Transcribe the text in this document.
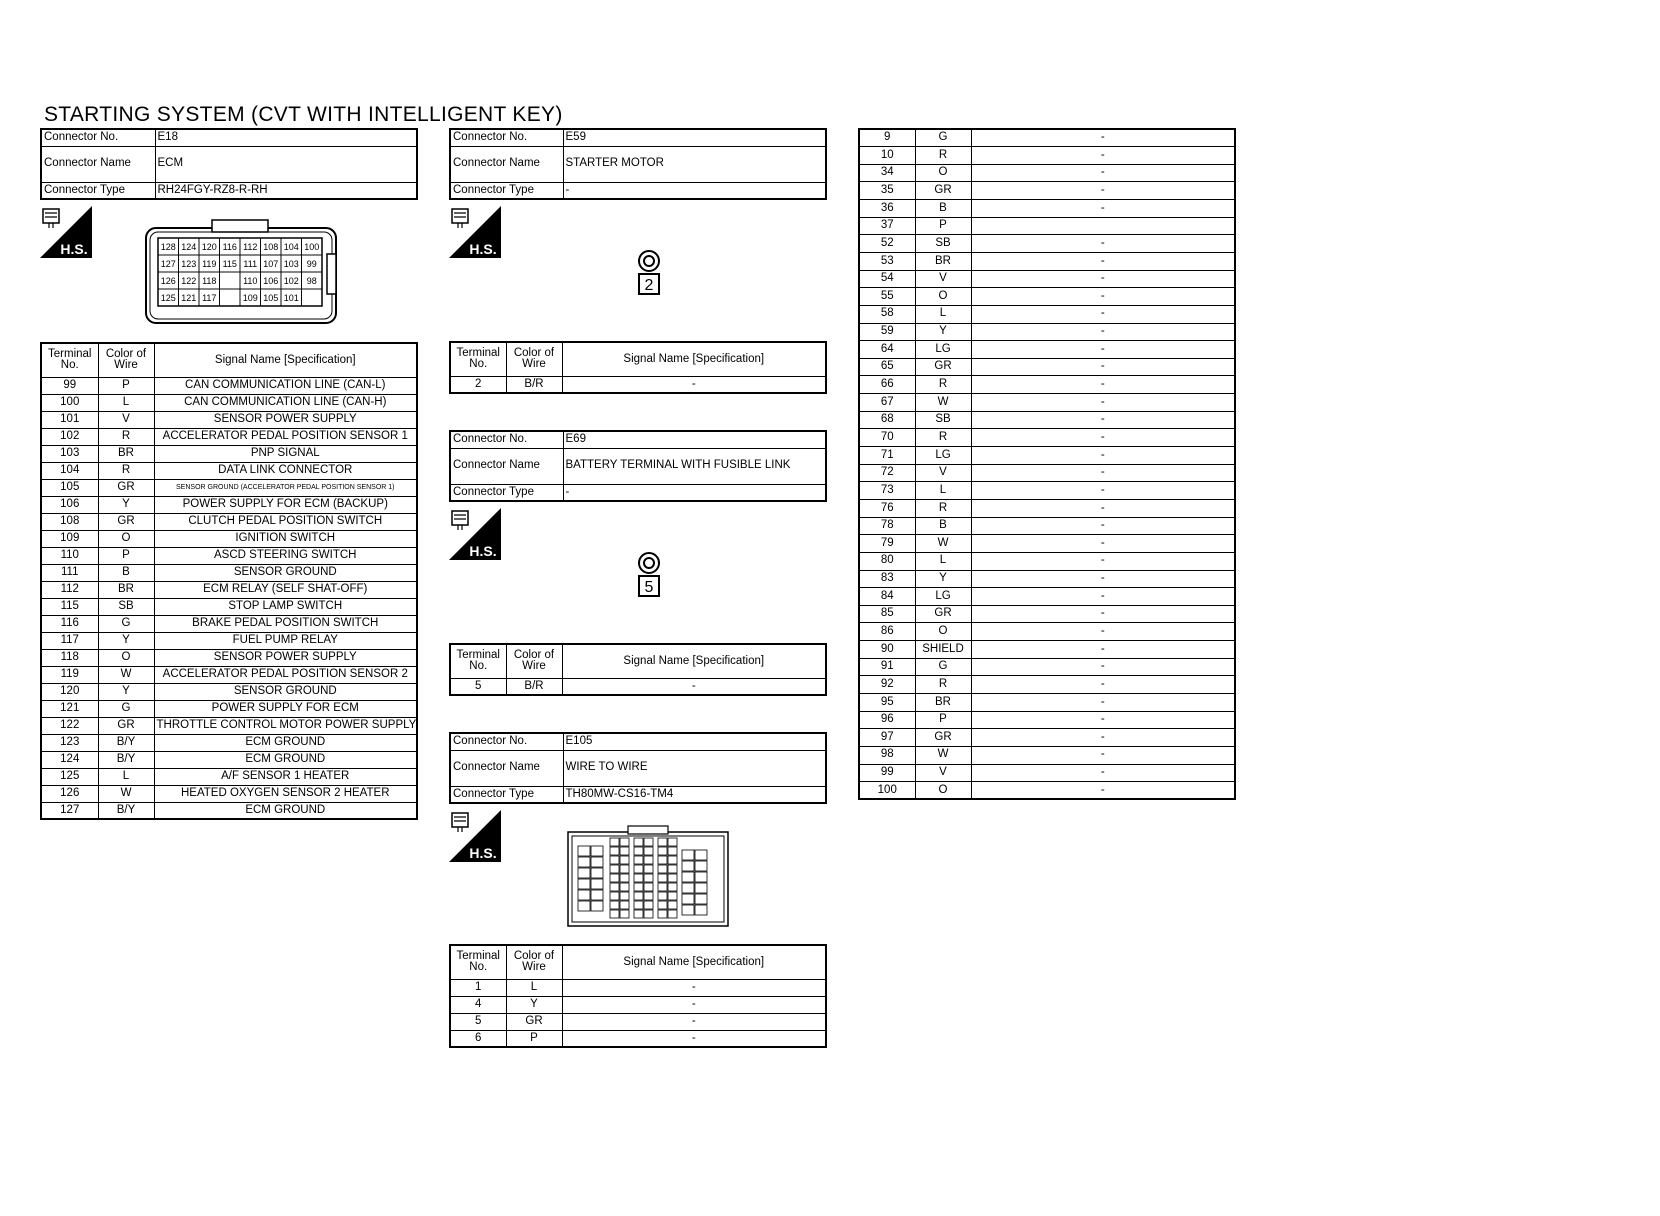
STARTING SYSTEM (CVT WITH INTELLIGENT KEY)
Connector No.	E18
Connector Name	ECM
Connector Type	RH24FGY-RZ8-R-RH
H.S.	128 124 120 116 112 108 104 100
127 123 119 115 111 107 103 99
126 122 118	110 106 102 98
125 121 117	109 105 101
Terminal No.	Color of Wire	Signal Name [Specification]
99	P	CAN COMMUNICATION LINE (CAN-L)
100	L	CAN COMMUNICATION LINE (CAN-H)
101	V	SENSOR POWER SUPPLY
102	R	ACCELERATOR PEDAL POSITION SENSOR 1
103	BR	PNP SIGNAL
104	R	DATA LINK CONNECTOR
105	GR	SENSOR GROUND (ACCELERATOR PEDAL POSITION SENSOR 1)
106	Y	POWER SUPPLY FOR ECM (BACKUP)
108	GR	CLUTCH PEDAL POSITION SWITCH
109	O	IGNITION SWITCH
110	P	ASCD STEERING SWITCH
111	B	SENSOR GROUND
112	BR	ECM RELAY (SELF SHAT-OFF)
115	SB	STOP LAMP SWITCH
116	G	BRAKE PEDAL POSITION SWITCH
117	Y	FUEL PUMP RELAY
118	O	SENSOR POWER SUPPLY
119	W	ACCELERATOR PEDAL POSITION SENSOR 2
120	Y	SENSOR GROUND
121	G	POWER SUPPLY FOR ECM
122	GR	THROTTLE CONTROL MOTOR POWER SUPPLY
123	B/Y	ECM GROUND
124	B/Y	ECM GROUND
125	L	A/F SENSOR 1 HEATER
126	W	HEATED OXYGEN SENSOR 2 HEATER
127	B/Y	ECM GROUND
Connector No.	E59
Connector Name	STARTER MOTOR
Connector Type	-
H.S.
2
Terminal No.	Color of Wire	Signal Name [Specification]
2	B/R	-
Connector No.	E69
Connector Name	BATTERY TERMINAL WITH FUSIBLE LINK
Connector Type	-
H.S.
5
Terminal No.	Color of Wire	Signal Name [Specification]
5	B/R	-
Connector No.	E105
Connector Name	WIRE TO WIRE
Connector Type	TH80MW-CS16-TM4
H.S.
Terminal No.	Color of Wire	Signal Name [Specification]
1	L	-
4	Y	-
5	GR	-
6	P	-
9	G	-
10	R	-
34	O	-
35	GR	-
36	B	-
37	P	
52	SB	-
53	BR	-
54	V	-
55	O	-
58	L	-
59	Y	-
64	LG	-
65	GR	-
66	R	-
67	W	-
68	SB	-
70	R	-
71	LG	-
72	V	-
73	L	-
76	R	-
78	B	-
79	W	-
80	L	-
83	Y	-
84	LG	-
85	GR	-
86	O	-
90	SHIELD	-
91	G	-
92	R	-
95	BR	-
96	P	-
97	GR	-
98	W	-
99	V	-
100	O	-
